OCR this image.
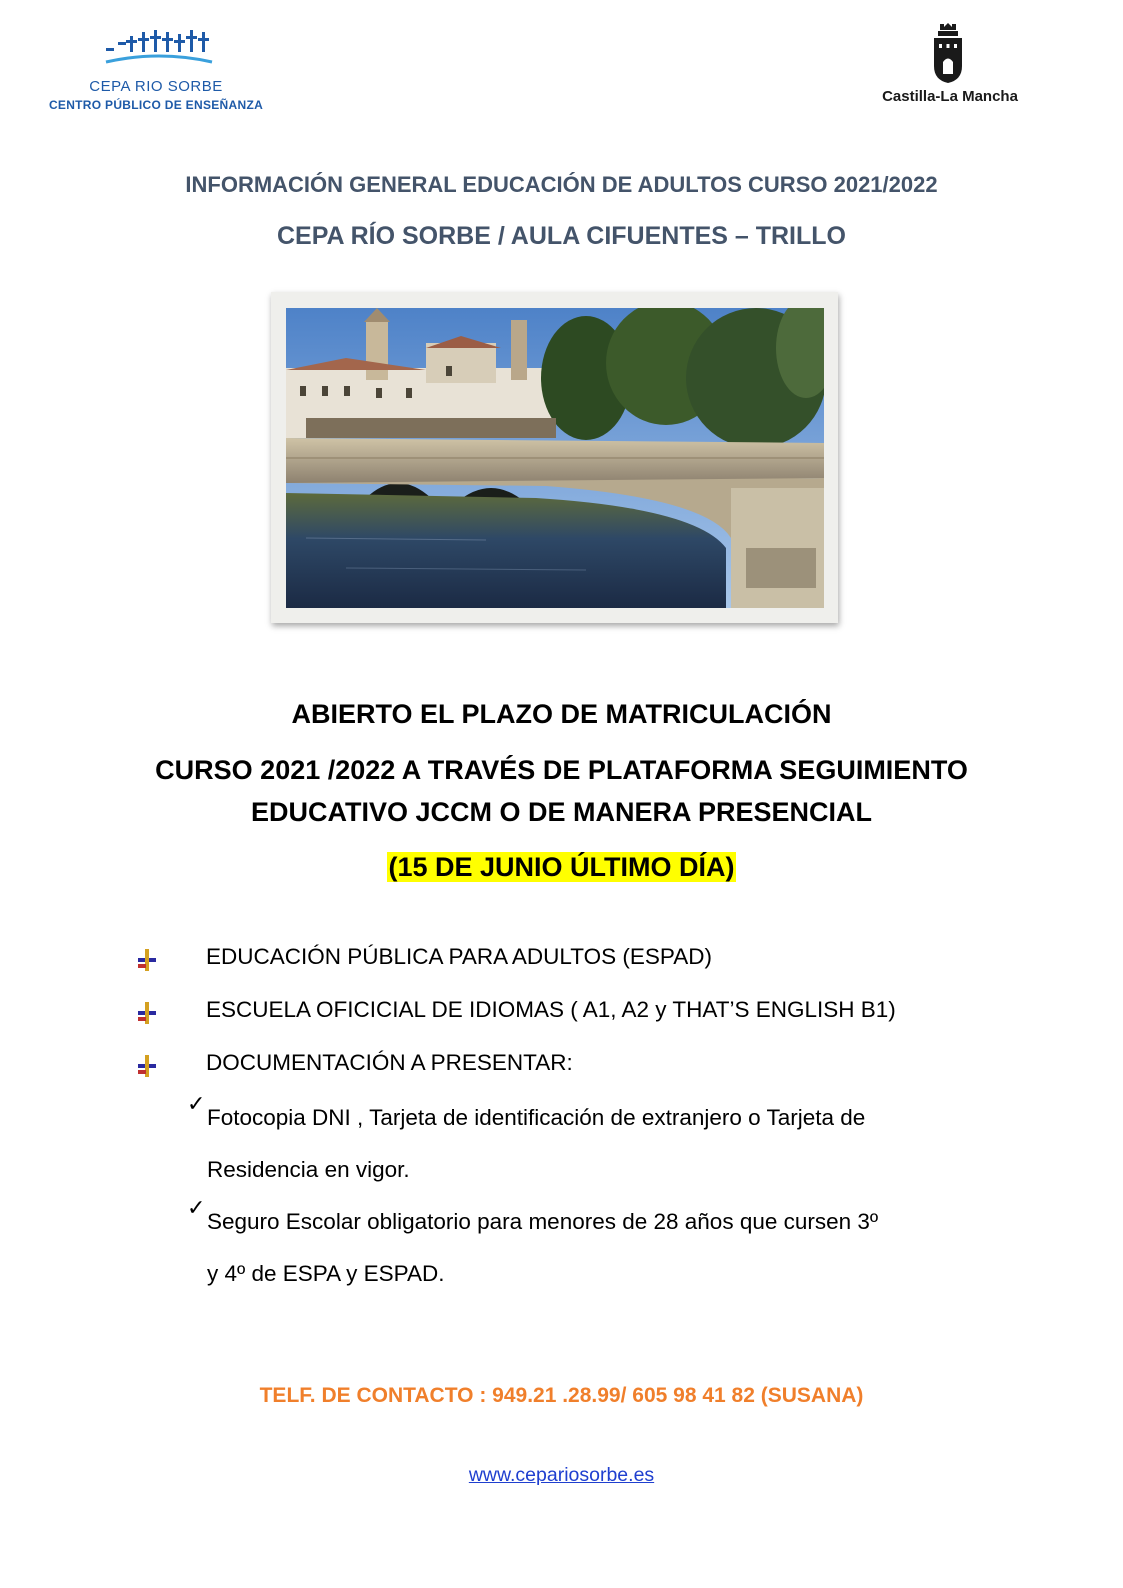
CEPA RIO SORBE
CENTRO PÚBLICO DE ENSEÑANZA	Castilla-La Mancha
INFORMACIÓN GENERAL EDUCACIÓN DE ADULTOS CURSO 2021/2022
CEPA RÍO SORBE / AULA CIFUENTES – TRILLO
ABIERTO EL PLAZO DE MATRICULACIÓN
CURSO 2021 /2022 A TRAVÉS DE PLATAFORMA SEGUIMIENTO
EDUCATIVO JCCM O DE MANERA PRESENCIAL
(15 DE JUNIO ÚLTIMO DÍA)
EDUCACIÓN PÚBLICA PARA ADULTOS (ESPAD)
ESCUELA OFICICIAL DE IDIOMAS ( A1, A2 y THAT’S ENGLISH B1)
DOCUMENTACIÓN A PRESENTAR:
✓
Fotocopia DNI , Tarjeta de identificación de extranjero o Tarjeta de
Residencia en vigor.
✓
Seguro Escolar obligatorio para menores de 28 años que cursen 3º
y 4º de ESPA y ESPAD.
TELF. DE CONTACTO : 949.21 .28.99/ 605 98 41 82 (SUSANA)
www.cepariosorbe.es
